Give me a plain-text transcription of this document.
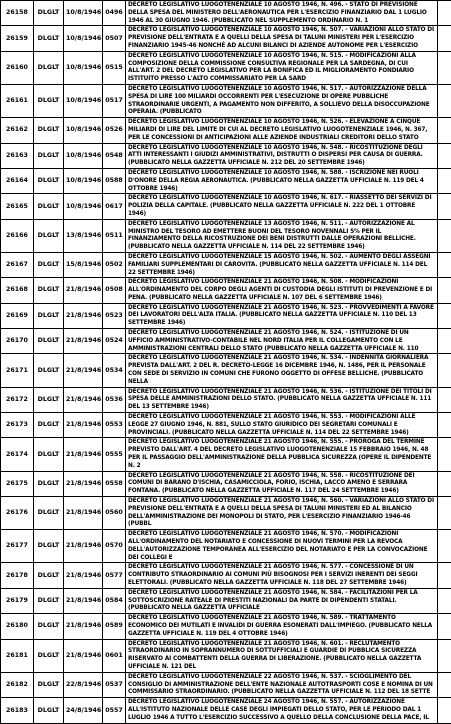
26158	DLGLT	10/8/1946	0496	DECRETO LEGISLATIVO LUOGOTENENZIALE 10 AGOSTO 1946, N. 496. - STATO DI PREVISIONE DELLA SPESA DEL MINISTERO DELL'AERONAUTICA PER L'ESERCIZIO FINANZIARIO DAL 1 LUGLIO 1946 AL 30 GIUGNO 1946. (PUBBLICATO NEL SUPPLEMENTO ORDINARIO N. 1	
26159	DLGLT	10/8/1946	0507	DECRETO LEGISLATIVO LUOGOTENENZIALE 10 AGOSTO 1946, N. 507. - VARIAZIONI ALLO STATO DI PREVISIONE DELL'ENTRATA E A QUELLI DELLA SPESA DI TALUNI MINISTERI PER L'ESERCIZIO FINANZIARIO 1945-46 NONCHÉ AD ALCUNI BILANCI DI AZIENDE AUTONOME PER L'ESERCIZIO	
26160	DLGLT	10/8/1946	0515	DECRETO LEGISLATIVO LUOGOTENENZIALE 10 AGOSTO 1946, N. 515. - MODIFICAZIONI ALLA COMPOSIZIONE DELLA COMMISSIONE CONSULTIVA REGIONALE PER LA SARDEGNA, DI CUI ALL'ART. 2 DEL DECRETO LEGISLATIVO PER LA BONIFICA ED IL MIGLIORAMENTO FONDIARIO ISTITUITO PRESSO L'ALTO COMMISSARIATO PER LA SARD	
26161	DLGLT	10/8/1946	0517	DECRETO LEGISLATIVO LUOGOTENENZIALE 10 AGOSTO 1946, N. 517. - AUTORIZZAZIONE DELLA SPESA DI LIRE 100 MILIARDI OCCORRENTI PER L'ESECUZIONE DI OPERE PUBBLICHE STRAORDINARIE URGENTI, A PAGAMENTO NON DIFFERITO, A SOLLIEVO DELLA DISOCCUPAZIONE OPERAIA. (PUBBLICATO	
26162	DLGLT	10/8/1946	0526	DECRETO LEGISLATIVO LUOGOTENENZIALE 10 AGOSTO 1946, N. 526. - ELEVAZIONE A CINQUE MILIARDI DI LIRE DEL LIMITE DI CUI AL DECRETO LEGISLATIVO LUOGOTENENZIALE 1946, N. 367, PER LE CONCESSIONI DI ANTICIPAZIONI ALLE AZIENDE INDUSTRIALI CREDITORI DELLO STATO	
26163	DLGLT	10/8/1946	0548	DECRETO LEGISLATIVO LUOGOTENENZIALE 10 AGOSTO 1946, N. 548. - RICOSTITUZIONE DEGLI ATTI INTERESSANTI I GIUDIZI AMMINISTRATIVI, DISTRUTTI O DISPERSI PER CAUSA DI GUERRA. (PUBBLICATO NELLA GAZZETTA UFFICIALE N. 212 DEL 20 SETTEMBRE 1946)	
26164	DLGLT	10/8/1946	0588	DECRETO LEGISLATIVO LUOGOTENENZIALE 10 AGOSTO 1946, N. 588. - ISCRIZIONE NEI RUOLI D'ONORE DELLA REGIA AERONAUTICA. (PUBBLICATO NELLA GAZZETTA UFFICIALE N. 119 DEL 4 OTTOBRE 1946)	
26165	DLGLT	10/8/1946	0617	DECRETO LEGISLATIVO LUOGOTENENZIALE 10 AGOSTO 1946, N. 617. - RIASSETTO DEI SERVIZI DI POLIZIA DELLA CAPITALE. (PUBBLICATO NELLA GAZZETTA UFFICIALE N. 222 DEL 1 OTTOBRE 1946)	
26166	DLGLT	13/8/1946	0511	DECRETO LEGISLATIVO LUOGOTENENZIALE 13 AGOSTO 1946, N. 511. - AUTORIZZAZIONE AL MINISTRO DEL TESORO AD EMETTERE BUONI DEL TESORO NOVENNALI 5% PER IL FINANZIAMENTO DELLA RICOSTRUZIONE DEI BENI DISTRUTTI DALLE OPERAZIONI BELLICHE. (PUBBLICATO NELLA GAZZETTA UFFICIALE N. 114 DEL 22 SETTEMBRE 1946)	
26167	DLGLT	15/8/1946	0502	DECRETO LEGISLATIVO LUOGOTENENZIALE 15 AGOSTO 1946, N. 502. - AUMENTO DEGLI ASSEGNI FAMILIARI SUPPLEMENTARI DI CAROVITA. (PUBBLICATO NELLA GAZZETTA UFFICIALE N. 114 DEL 22 SETTEMBRE 1946)	
26168	DLGLT	21/8/1946	0508	DECRETO LEGISLATIVO LUOGOTENENZIALE 21 AGOSTO 1946, N. 508. - MODIFICAZIONI ALL'ORDINAMENTO DEL CORPO DEGLI AGENTI DI CUSTODIA DEGLI ISTITUTI DI PREVENZIONE E DI PENA. (PUBBLICATO NELLA GAZZETTA UFFICIALE N. 107 DEL 6 SETTEMBRE 1946)	
26169	DLGLT	21/8/1946	0523	DECRETO LEGISLATIVO LUOGOTENENZIALE 21 AGOSTO 1946, N. 523. - PROVVEDIMENTI A FAVORE DEI LAVORATORI DELL'ALTA ITALIA. (PUBBLICATO NELLA GAZZETTA UFFICIALE N. 110 DEL 13 SETTEMBRE 1946)	
26170	DLGLT	21/8/1946	0524	DECRETO LEGISLATIVO LUOGOTENENZIALE 21 AGOSTO 1946, N. 524. - ISTITUZIONE DI UN UFFICIO AMMINISTRATIVO-CONTABILE NEL NORD ITALIA PER IL COLLEGAMENTO CON LE AMMINISTRAZIONI CENTRALI DELLO STATO (PUBBLICATO NELLA GAZZETTA UFFICIALE N. 110	
26171	DLGLT	21/8/1946	0534	DECRETO LEGISLATIVO LUOGOTENENZIALE 21 AGOSTO 1946, N. 534. - INDENNITÀ GIORNALIERA PREVISTA DALL'ART. 2 DEL R. DECRETO-LEGGE 16 DICEMBRE 1946, N. 1486, PER IL PERSONALE CON SEDE DI SERVIZIO IN COMUNI CHE FURONO OGGETTO DI OFFESE BELLICHE. (PUBBLICATO NELLA	
26172	DLGLT	21/8/1946	0536	DECRETO LEGISLATIVO LUOGOTENENZIALE 21 AGOSTO 1946, N. 536. - ISTITUZIONE DEI TITOLI DI SPESA DELLE AMMINISTRAZIONI DELLO STATO. (PUBBLICATO NELLA GAZZETTA UFFICIALE N. 111 DEL 13 SETTEMBRE 1946)	
26173	DLGLT	21/8/1946	0553	DECRETO LEGISLATIVO LUOGOTENENZIALE 21 AGOSTO 1946, N. 553. - MODIFICAZIONI ALLE LEGGE 27 GIUGNO 1946, N. 881, SULLO STATO GIURIDICO DEI SEGRETARI COMUNALI E PROVINCIALI. (PUBBLICATO NELLA GAZZETTA UFFICIALE N. 114 DEL 22 SETTEMBRE 1946)	
26174	DLGLT	21/8/1946	0555	DECRETO LEGISLATIVO LUOGOTENENZIALE 21 AGOSTO 1946, N. 555. - PROROGA DEL TERMINE PREVISTO DALL'ART. 4 DEL DECRETO LEGISLATIVO LUOGOTENENZIALE 15 FEBBRAIO 1946, N. 48 PER IL PASSAGGIO DELL'AMMINISTRAZIONE DELLA PUBBLICA SICUREZZA (OPERE IL DIPENDENTE N. 2	
26175	DLGLT	21/8/1946	0558	DECRETO LEGISLATIVO LUOGOTENENZIALE 21 AGOSTO 1946, N. 558. - RICOSTITUZIONE DEI COMUNI DI BARANO D'ISCHIA, CASAMICCIOLA, FORIO, ISCHIA, LACCO AMENO E SERRARA FONTANA. (PUBBLICATO NELLA GAZZETTA UFFICIALE N. 117 DEL 24 SETTEMBRE 1946)	
26176	DLGLT	21/8/1946	0560	DECRETO LEGISLATIVO LUOGOTENENZIALE 21 AGOSTO 1946, N. 560. - VARIAZIONI ALLO STATO DI PREVISIONE DELL'ENTRATA E A QUELLI DELLA SPESA DI TALUNI MINISTERI ED AL BILANCIO DELL'AMMINISTRAZIONE DEI MONOPOLI DI STATO, PER L'ESERCIZIO FINANZIARIO 1946-46 (PUBBL	
26177	DLGLT	21/8/1946	0570	DECRETO LEGISLATIVO LUOGOTENENZIALE 21 AGOSTO 1946, N. 570. - MODIFICAZIONI ALL'ORDINAMENTO DEL NOTARIATO E CONCESSIONE DI NUOVI TERMINI PER LA REVOCA DELL'AUTORIZZAZIONE TEMPORANEA ALL'ESERCIZIO DEL NOTARIATO E PER LA CONVOCAZIONE DEI COLLEGI E	
26178	DLGLT	21/8/1946	0577	DECRETO LEGISLATIVO LUOGOTENENZIALE 21 AGOSTO 1946, N. 577. - CONCESSIONE DI UN CONTRIBUTO STRAORDINARIO AI COMUNI PIÙ BISOGNOSI PER I SERVIZI INERENTI DEI SEGGI ELETTORALI. (PUBBLICATO NELLA GAZZETTA UFFICIALE N. 118 DEL 27 SETTEMBRE 1946)	
26179	DLGLT	21/8/1946	0584	DECRETO LEGISLATIVO LUOGOTENENZIALE 21 AGOSTO 1946, N. 584. - FACILITAZIONI PER LA SOTTOSCRIZIONE RATEALE DI PRESTITI NAZIONALI DA PARTE DI DIPENDENTI STATALI. (PUBBLICATO NELLA GAZZETTA UFFICIALE	
26180	DLGLT	21/8/1946	0589	DECRETO LEGISLATIVO LUOGOTENENZIALE 21 AGOSTO 1946, N. 589. - TRATTAMENTO ECONOMICO DEI MUTILATI E INVALIDI DI GUERRA ESONERATI DALL'IMPIEGO. (PUBBLICATO NELLA GAZZETTA UFFICIALE N. 119 DEL 4 OTTOBRE 1946)	
26181	DLGLT	21/8/1946	0601	DECRETO LEGISLATIVO LUOGOTENENZIALE 21 AGOSTO 1946, N. 601. - RECLUTAMENTO STRAORDINARIO IN SOPRANNUMERO DI SOTTUFFICIALI E GUARDIE DI PUBBLICA SICUREZZA RISERVATO AI COMBATTENTI DELLA GUERRA DI LIBERAZIONE. (PUBBLICATO NELLA GAZZETTA UFFICIALE N. 121 DEL	
26182	DLGLT	22/8/1946	0537	DECRETO LEGISLATIVO LUOGOTENENZIALE 22 AGOSTO 1946, N. 537. - SCIOGLIMENTO DEL CONSIGLIO DI AMMINISTRAZIONE DELL'ENTE NAZIONALE AUTOTRASPORTI COSE E NOMINA DI UN COMMISSARIO STRAORDINARIO. (PUBBLICATO NELLA GAZZETTA UFFICIALE N. 112 DEL 18 SETTE	
26183	DLGLT	24/8/1946	0557	DECRETO LEGISLATIVO LUOGOTENENZIALE 24 AGOSTO 1946, N. 557. - AUTORIZZAZIONE ALL'ISTITUTO NAZIONALE DELLE CASE DEGLI IMPIEGATI DELLO STATO, PER LE PERIODO DAL 1 LUGLIO 1946 A TUTTO L'ESERCIZIO SUCCESSIVO A QUELLO DELLA CONCLUSIONE DELLA PACE, IL	
